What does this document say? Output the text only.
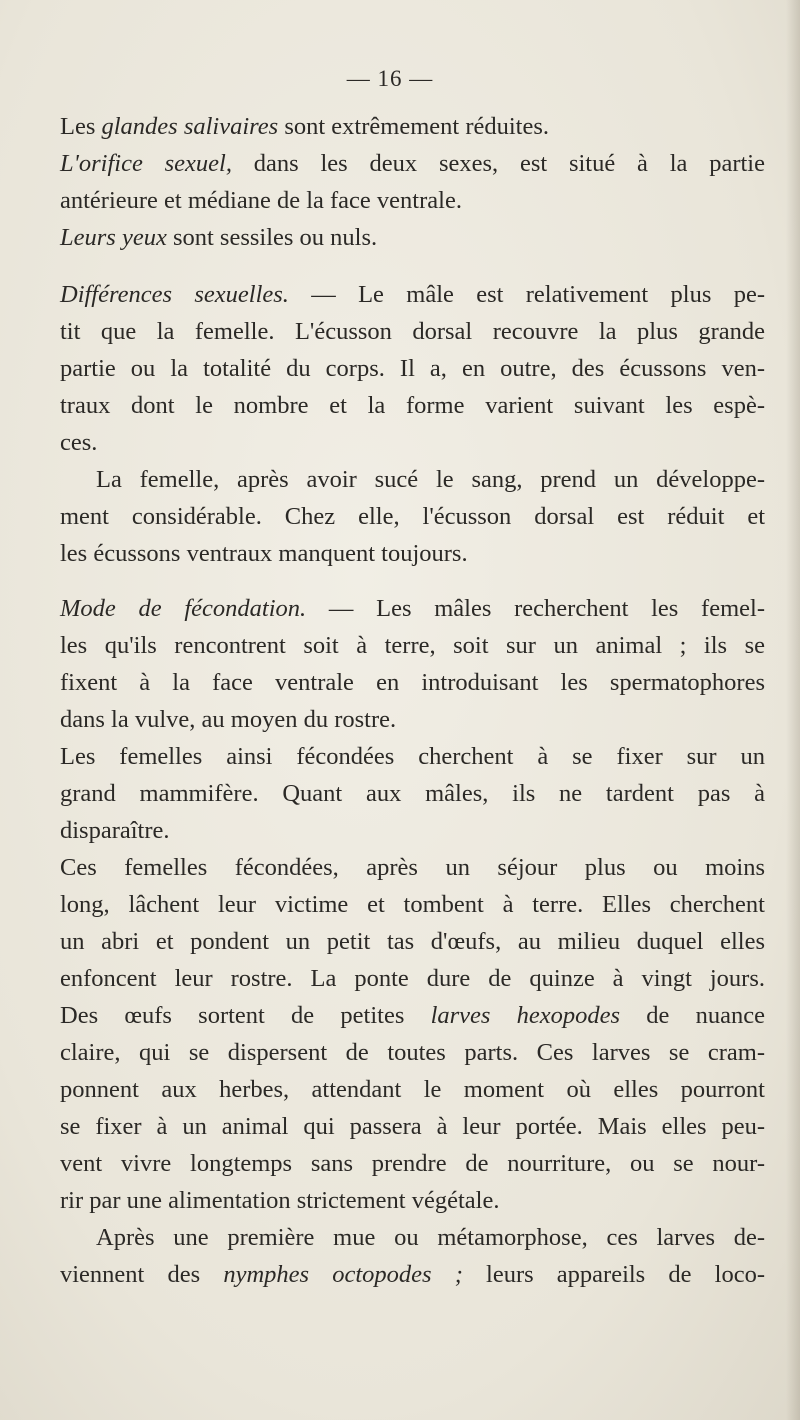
— 16 —
Les glandes salivaires sont extrêmement réduites.
L'orifice sexuel, dans les deux sexes, est situé à la partie
antérieure et médiane de la face ventrale.
Leurs yeux sont sessiles ou nuls.
Différences sexuelles. — Le mâle est relativement plus pe-
tit que la femelle. L'écusson dorsal recouvre la plus grande
partie ou la totalité du corps. Il a, en outre, des écussons ven-
traux dont le nombre et la forme varient suivant les espè-
ces.
La femelle, après avoir sucé le sang, prend un développe-
ment considérable. Chez elle, l'écusson dorsal est réduit et
les écussons ventraux manquent toujours.
Mode de fécondation. — Les mâles recherchent les femel-
les qu'ils rencontrent soit à terre, soit sur un animal ; ils se
fixent à la face ventrale en introduisant les spermatophores
dans la vulve, au moyen du rostre.
Les femelles ainsi fécondées cherchent à se fixer sur un
grand mammifère. Quant aux mâles, ils ne tardent pas à
disparaître.
Ces femelles fécondées, après un séjour plus ou moins
long, lâchent leur victime et tombent à terre. Elles cherchent
un abri et pondent un petit tas d'œufs, au milieu duquel elles
enfoncent leur rostre. La ponte dure de quinze à vingt jours.
Des œufs sortent de petites larves hexopodes de nuance
claire, qui se dispersent de toutes parts. Ces larves se cram-
ponnent aux herbes, attendant le moment où elles pourront
se fixer à un animal qui passera à leur portée. Mais elles peu-
vent vivre longtemps sans prendre de nourriture, ou se nour-
rir par une alimentation strictement végétale.
Après une première mue ou métamorphose, ces larves de-
viennent des nymphes octopodes ; leurs appareils de loco-
